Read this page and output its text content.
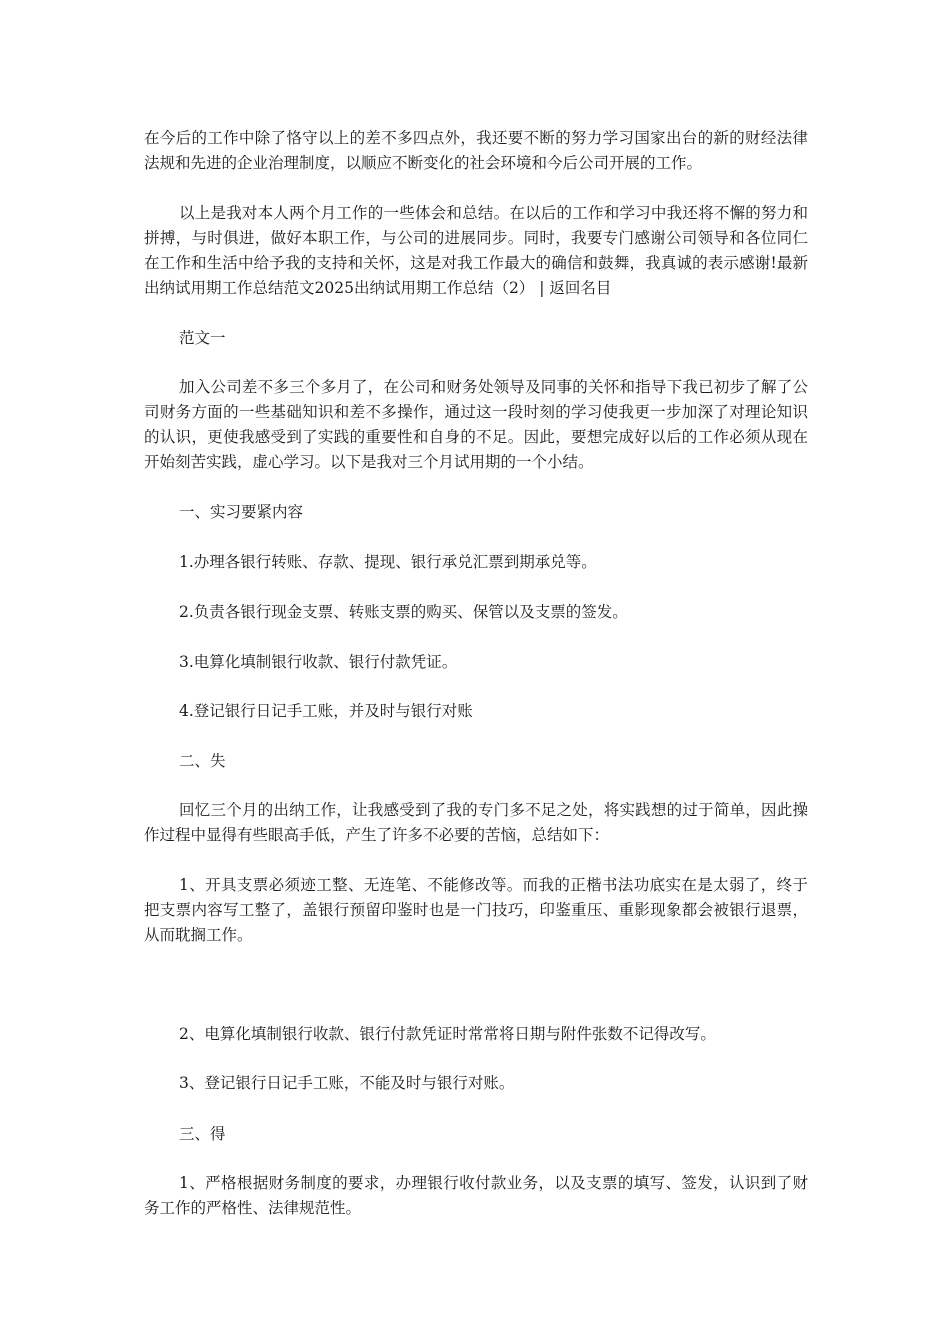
在今后的工作中除了恪守以上的差不多四点外，我还要不断的努力学习国家出台的新的财经法律法规和先进的企业治理制度，以顺应不断变化的社会环境和今后公司开展的工作。

以上是我对本人两个月工作的一些体会和总结。在以后的工作和学习中我还将不懈的努力和拼搏，与时俱进，做好本职工作，与公司的进展同步。同时，我要专门感谢公司领导和各位同仁在工作和生活中给予我的支持和关怀，这是对我工作最大的确信和鼓舞，我真诚的表示感谢!最新出纳试用期工作总结范文2025出纳试用期工作总结（2） | 返回名目

范文一

加入公司差不多三个多月了，在公司和财务处领导及同事的关怀和指导下我已初步了解了公司财务方面的一些基础知识和差不多操作，通过这一段时刻的学习使我更一步加深了对理论知识的认识，更使我感受到了实践的重要性和自身的不足。因此，要想完成好以后的工作必须从现在开始刻苦实践，虚心学习。以下是我对三个月试用期的一个小结。

一、实习要紧内容

1.办理各银行转账、存款、提现、银行承兑汇票到期承兑等。

2.负责各银行现金支票、转账支票的购买、保管以及支票的签发。

3.电算化填制银行收款、银行付款凭证。

4.登记银行日记手工账，并及时与银行对账

二、失

回忆三个月的出纳工作，让我感受到了我的专门多不足之处，将实践想的过于简单，因此操作过程中显得有些眼高手低，产生了许多不必要的苦恼，总结如下：

1、开具支票必须迹工整、无连笔、不能修改等。而我的正楷书法功底实在是太弱了，终于把支票内容写工整了，盖银行预留印鉴时也是一门技巧，印鉴重压、重影现象都会被银行退票，从而耽搁工作。

2、电算化填制银行收款、银行付款凭证时常常将日期与附件张数不记得改写。

3、登记银行日记手工账，不能及时与银行对账。

三、得

1、严格根据财务制度的要求，办理银行收付款业务，以及支票的填写、签发，认识到了财务工作的严格性、法律规范性。
